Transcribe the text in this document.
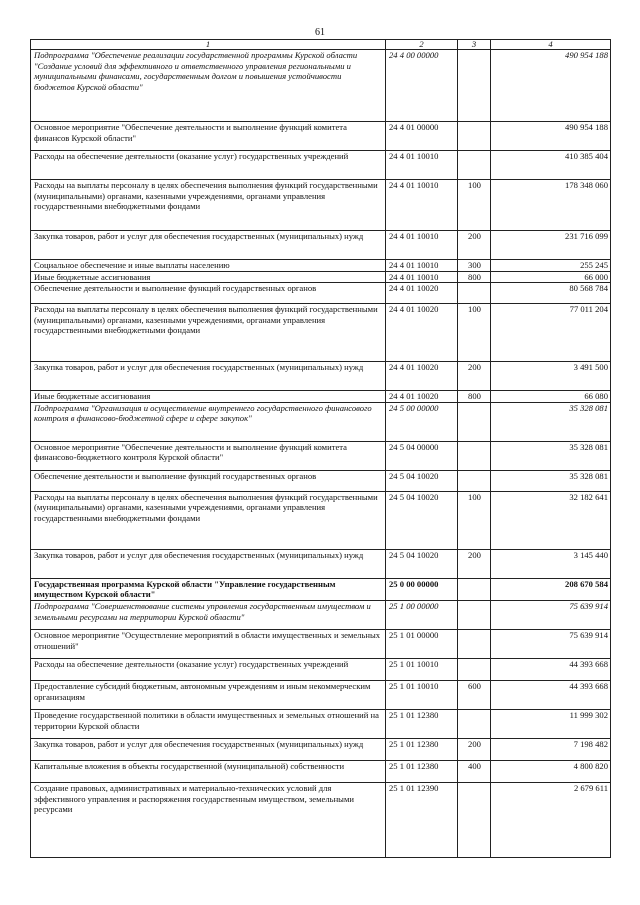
61
1	2	3	4
Подпрограмма "Обеспечение реализации государственной программы Курской области "Создание условий для эффективного и ответственного управления региональными и муниципальными финансами, государственным долгом и повышения устойчивости бюджетов Курской области"	24 4 00 00000		490 954 188
Основное мероприятие "Обеспечение деятельности и выполнение функций комитета финансов Курской области"	24 4 01 00000		490 954 188
Расходы на обеспечение деятельности (оказание услуг) государственных учреждений	24 4 01 10010		410 385 404
Расходы на выплаты персоналу в целях обеспечения выполнения функций государственными (муниципальными) органами, казенными учреждениями, органами управления государственными внебюджетными фондами	24 4 01 10010	100	178 348 060
Закупка товаров, работ и услуг для обеспечения государственных (муниципальных) нужд	24 4 01 10010	200	231 716 099
Социальное обеспечение и иные выплаты населению	24 4 01 10010	300	255 245
Иные бюджетные ассигнования	24 4 01 10010	800	66 000
Обеспечение деятельности и выполнение функций государственных органов	24 4 01 10020		80 568 784
Расходы на выплаты персоналу в целях обеспечения выполнения функций государственными (муниципальными) органами, казенными учреждениями, органами управления государственными внебюджетными фондами	24 4 01 10020	100	77 011 204
Закупка товаров, работ и услуг для обеспечения государственных (муниципальных) нужд	24 4 01 10020	200	3 491 500
Иные бюджетные ассигнования	24 4 01 10020	800	66 080
Подпрограмма "Организация и осуществление внутреннего государственного финансового контроля в финансово-бюджетной сфере и сфере закупок"	24 5 00 00000		35 328 081
Основное мероприятие "Обеспечение деятельности и выполнение функций комитета финансово-бюджетного контроля Курской области"	24 5 04 00000		35 328 081
Обеспечение деятельности и выполнение функций государственных органов	24 5 04 10020		35 328 081
Расходы на выплаты персоналу в целях обеспечения выполнения функций государственными (муниципальными) органами, казенными учреждениями, органами управления государственными внебюджетными фондами	24 5 04 10020	100	32 182 641
Закупка товаров, работ и услуг для обеспечения государственных (муниципальных) нужд	24 5 04 10020	200	3 145 440
Государственная программа Курской области "Управление государственным имуществом Курской области"	25 0 00 00000		208 670 584
Подпрограмма "Совершенствование системы управления государственным имуществом и земельными ресурсами на территории Курской области"	25 1 00 00000		75 639 914
Основное мероприятие "Осуществление мероприятий в области имущественных и земельных отношений"	25 1 01 00000		75 639 914
Расходы на обеспечение деятельности (оказание услуг) государственных учреждений	25 1 01 10010		44 393 668
Предоставление субсидий бюджетным, автономным учреждениям и иным некоммерческим организациям	25 1 01 10010	600	44 393 668
Проведение государственной политики в области имущественных и земельных отношений на территории Курской области	25 1 01 12380		11 999 302
Закупка товаров, работ и услуг для обеспечения государственных (муниципальных) нужд	25 1 01 12380	200	7 198 482
Капитальные вложения в объекты государственной (муниципальной) собственности	25 1 01 12380	400	4 800 820
Создание правовых, административных и материально-технических условий для эффективного управления и распоряжения государственным имуществом, земельными ресурсами	25 1 01 12390		2 679 611
